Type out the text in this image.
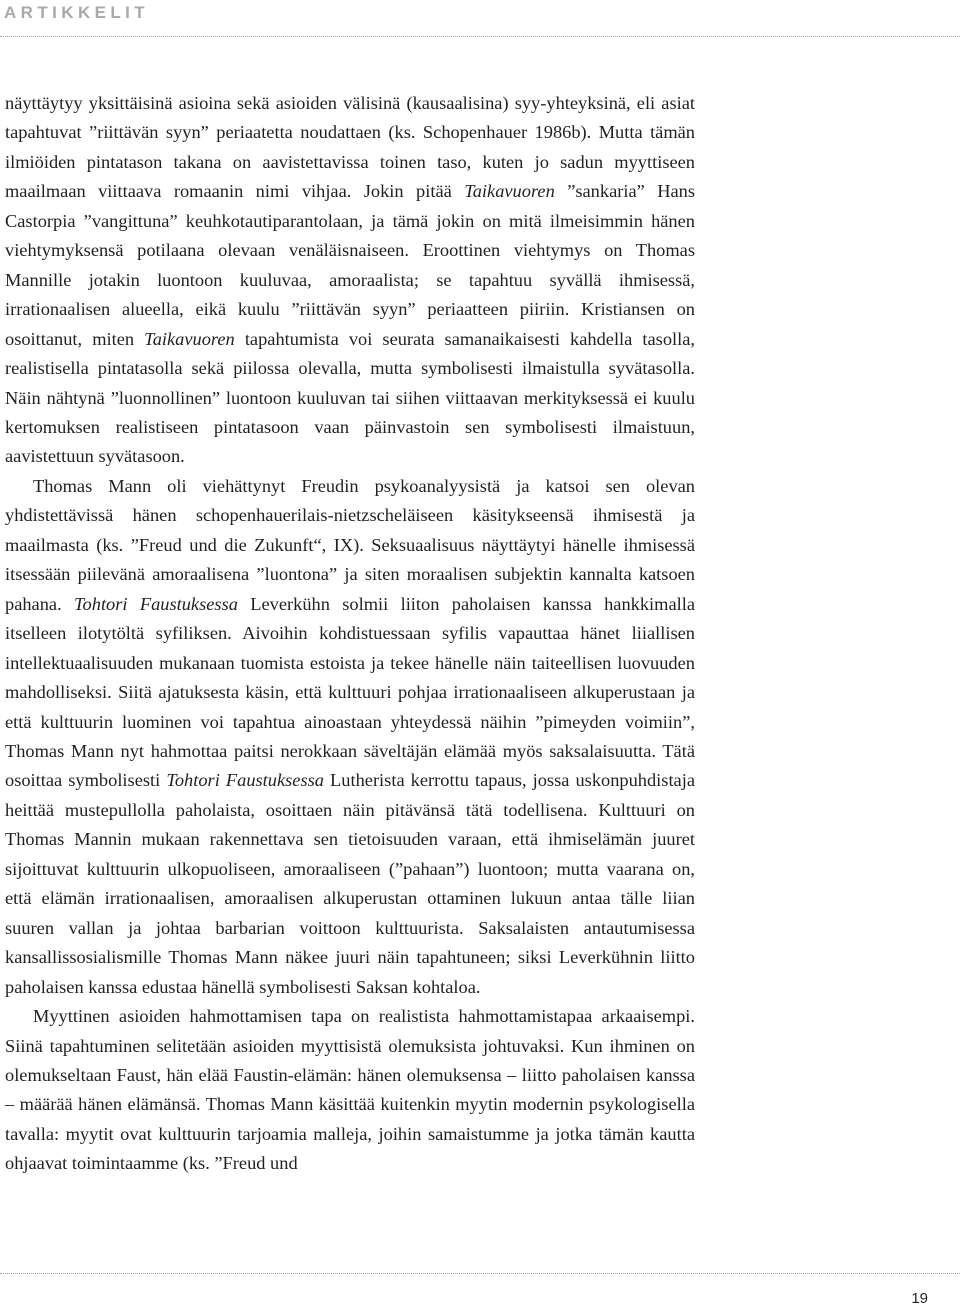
ARTIKKELIT

näyttäytyy yksittäisinä asioina sekä asioiden välisinä (kausaalisina) syy-yhteyksinä, eli asiat tapahtuvat ”riittävän syyn” periaatetta noudattaen (ks. Schopenhauer 1986b). Mutta tämän ilmiöiden pintatason takana on aavistettavissa toinen taso, kuten jo sadun myyttiseen maailmaan viittaava romaanin nimi vihjaa. Jokin pitää Taikavuoren ”sankaria” Hans Castorpia ”vangittuna” keuhkotautiparantolaan, ja tämä jokin on mitä ilmeisimmin hänen viehtymyksensä potilaana olevaan venäläisnaiseen. Eroottinen viehtymys on Thomas Mannille jotakin luontoon kuuluvaa, amoraalista; se tapahtuu syvällä ihmisessä, irrationaalisen alueella, eikä kuulu ”riittävän syyn” periaatteen piiriin. Kristiansen on osoittanut, miten Taikavuoren tapahtumista voi seurata samanaikaisesti kahdella tasolla, realistisella pintatasolla sekä piilossa olevalla, mutta symbolisesti ilmaistulla syvätasolla. Näin nähtynä ”luonnollinen” luontoon kuuluvan tai siihen viittaavan merkityksessä ei kuulu kertomuksen realistiseen pintatasoon vaan päinvastoin sen symbolisesti ilmaistuun, aavistettuun syvätasoon.

Thomas Mann oli viehättynyt Freudin psykoanalyysistä ja katsoi sen olevan yhdistettävissä hänen schopenhauerilais-nietzscheläiseen käsitykseensä ihmisestä ja maailmasta (ks. ”Freud und die Zukunft“, IX). Seksuaalisuus näyttäytyi hänelle ihmisessä itsessään piilevänä amoraalisena ”luontona” ja siten moraalisen subjektin kannalta katsoen pahana. Tohtori Faustuksessa Leverkühn solmii liiton paholaisen kanssa hankkimalla itselleen ilotytöltä syfiliksen. Aivoihin kohdistuessaan syfilis vapauttaa hänet liiallisen intellektuaalisuuden mukanaan tuomista estoista ja tekee hänelle näin taiteellisen luovuuden mahdolliseksi. Siitä ajatuksesta käsin, että kulttuuri pohjaa irrationaaliseen alkuperustaan ja että kulttuurin luominen voi tapahtua ainoastaan yhteydessä näihin ”pimeyden voimiin”, Thomas Mann nyt hahmottaa paitsi nerokkaan säveltäjän elämää myös saksalaisuutta. Tätä osoittaa symbolisesti Tohtori Faustuksessa Lutherista kerrottu tapaus, jossa uskonpuhdistaja heittää mustepullolla paholaista, osoittaen näin pitävänsä tätä todellisena. Kulttuuri on Thomas Mannin mukaan rakennettava sen tietoisuuden varaan, että ihmiselämän juuret sijoittuvat kulttuurin ulkopuoliseen, amoraaliseen (”pahaan”) luontoon; mutta vaarana on, että elämän irrationaalisen, amoraalisen alkuperustan ottaminen lukuun antaa tälle liian suuren vallan ja johtaa barbarian voittoon kulttuurista. Saksalaisten antautumisessa kansallissosialismille Thomas Mann näkee juuri näin tapahtuneen; siksi Leverkühnin liitto paholaisen kanssa edustaa hänellä symbolisesti Saksan kohtaloa.

Myyttinen asioiden hahmottamisen tapa on realistista hahmottamistapaa arkaaisempi. Siinä tapahtuminen selitetään asioiden myyttisistä olemuksista johtuvaksi. Kun ihminen on olemukseltaan Faust, hän elää Faustin-elämän: hänen olemuksensa – liitto paholaisen kanssa – määrää hänen elämänsä. Thomas Mann käsittää kuitenkin myytin modernin psykologisella tavalla: myytit ovat kulttuurin tarjoamia malleja, joihin samaistumme ja jotka tämän kautta ohjaavat toimintaamme (ks. ”Freud und

19
